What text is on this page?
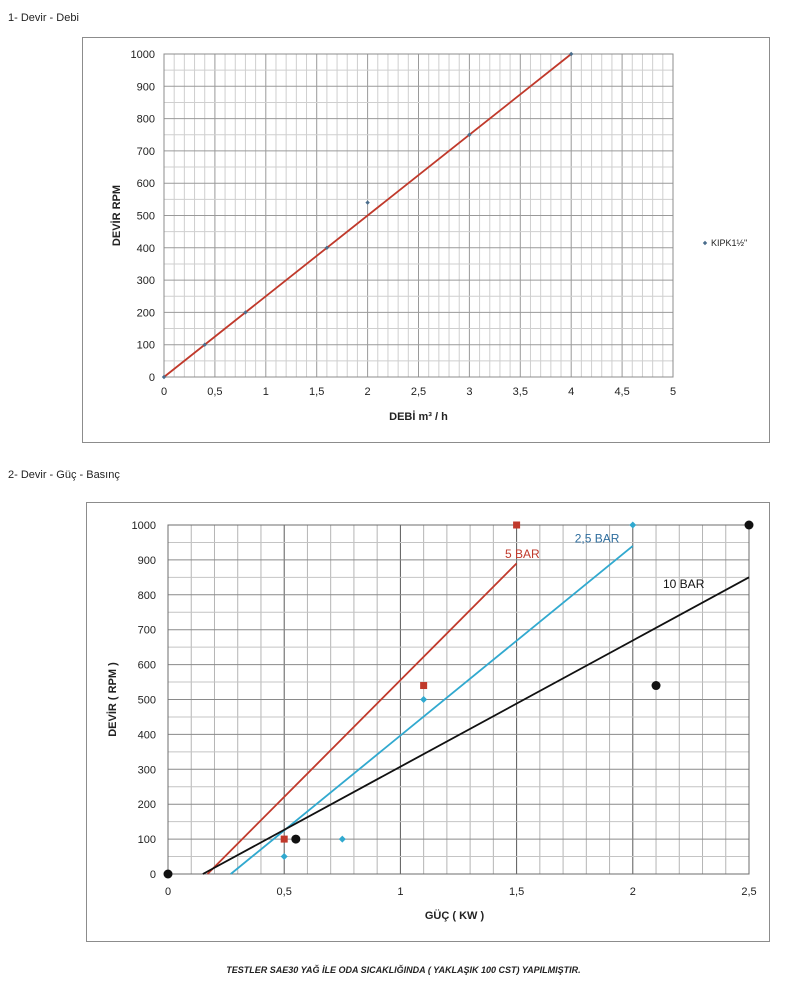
1- Devir - Debi
0	0,5	1	1,5	2	2,5	3	3,5	4	4,5	5
0
100
200
300
400
500
600
700
800
900
1000
DEBİ m³ / h
DEVİR RPM	KIPK1½"
2- Devir - Güç - Basınç
0	0,5	1	1,5	2	2,5
0
100
200
300
400
500
600
700
800
900
1000
GÜÇ ( KW )
DEVİR ( RPM )
5 BAR
2,5 BAR
10 BAR
TESTLER SAE30 YAĞ İLE ODA SICAKLIĞINDA ( YAKLAŞIK 100 CST) YAPILMIŞTIR.
